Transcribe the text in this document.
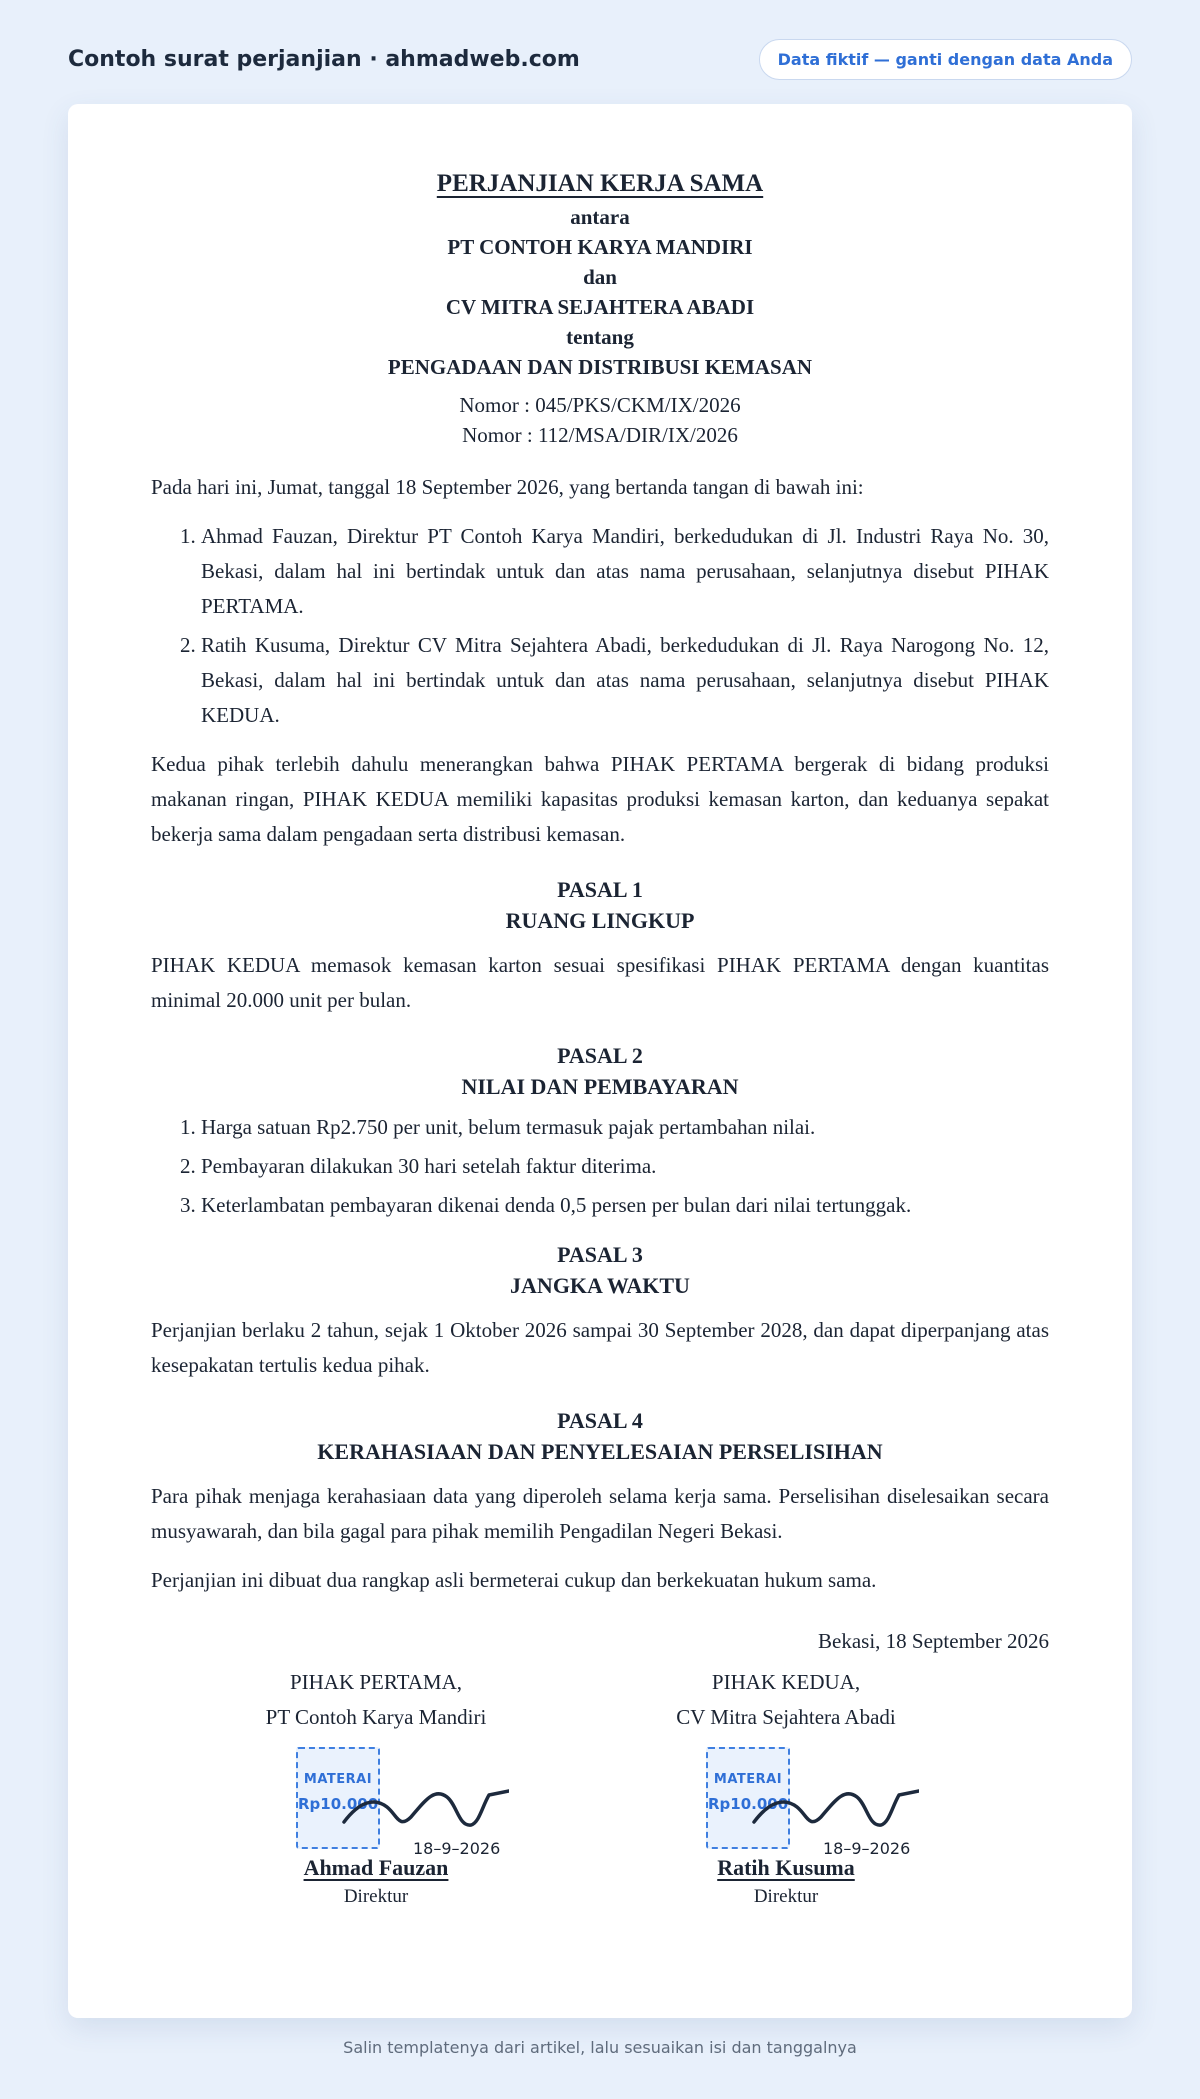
Contoh surat perjanjian · ahmadweb.com	Data fiktif — ganti dengan data Anda
PERJANJIAN KERJA SAMA
antara
PT CONTOH KARYA MANDIRI
dan
CV MITRA SEJAHTERA ABADI
tentang
PENGADAAN DAN DISTRIBUSI KEMASAN
Nomor : 045/PKS/CKM/IX/2026
Nomor : 112/MSA/DIR/IX/2026

Pada hari ini, Jumat, tanggal 18 September 2026, yang bertanda tangan di bawah ini:

1. Ahmad Fauzan, Direktur PT Contoh Karya Mandiri, berkedudukan di Jl. Industri Raya No. 30, Bekasi, dalam hal ini bertindak untuk dan atas nama perusahaan, selanjutnya disebut PIHAK PERTAMA.
2. Ratih Kusuma, Direktur CV Mitra Sejahtera Abadi, berkedudukan di Jl. Raya Narogong No. 12, Bekasi, dalam hal ini bertindak untuk dan atas nama perusahaan, selanjutnya disebut PIHAK KEDUA.

Kedua pihak terlebih dahulu menerangkan bahwa PIHAK PERTAMA bergerak di bidang produksi makanan ringan, PIHAK KEDUA memiliki kapasitas produksi kemasan karton, dan keduanya sepakat bekerja sama dalam pengadaan serta distribusi kemasan.

PASAL 1
RUANG LINGKUP

PIHAK KEDUA memasok kemasan karton sesuai spesifikasi PIHAK PERTAMA dengan kuantitas minimal 20.000 unit per bulan.

PASAL 2
NILAI DAN PEMBAYARAN
1. Harga satuan Rp2.750 per unit, belum termasuk pajak pertambahan nilai.
2. Pembayaran dilakukan 30 hari setelah faktur diterima.
3. Keterlambatan pembayaran dikenai denda 0,5 persen per bulan dari nilai tertunggak.
PASAL 3
JANGKA WAKTU

Perjanjian berlaku 2 tahun, sejak 1 Oktober 2026 sampai 30 September 2028, dan dapat diperpanjang atas kesepakatan tertulis kedua pihak.

PASAL 4
KERAHASIAAN DAN PENYELESAIAN PERSELISIHAN

Para pihak menjaga kerahasiaan data yang diperoleh selama kerja sama. Perselisihan diselesaikan secara musyawarah, dan bila gagal para pihak memilih Pengadilan Negeri Bekasi.

Perjanjian ini dibuat dua rangkap asli bermeterai cukup dan berkekuatan hukum sama.

Bekasi, 18 September 2026
PIHAK PERTAMA,
PT Contoh Karya Mandiri
MATERAI
Rp10.000
18–9–2026
Ahmad Fauzan
Direktur
PIHAK KEDUA,
CV Mitra Sejahtera Abadi
MATERAI
Rp10.000
18–9–2026
Ratih Kusuma
Direktur
Salin templatenya dari artikel, lalu sesuaikan isi dan tanggalnya
